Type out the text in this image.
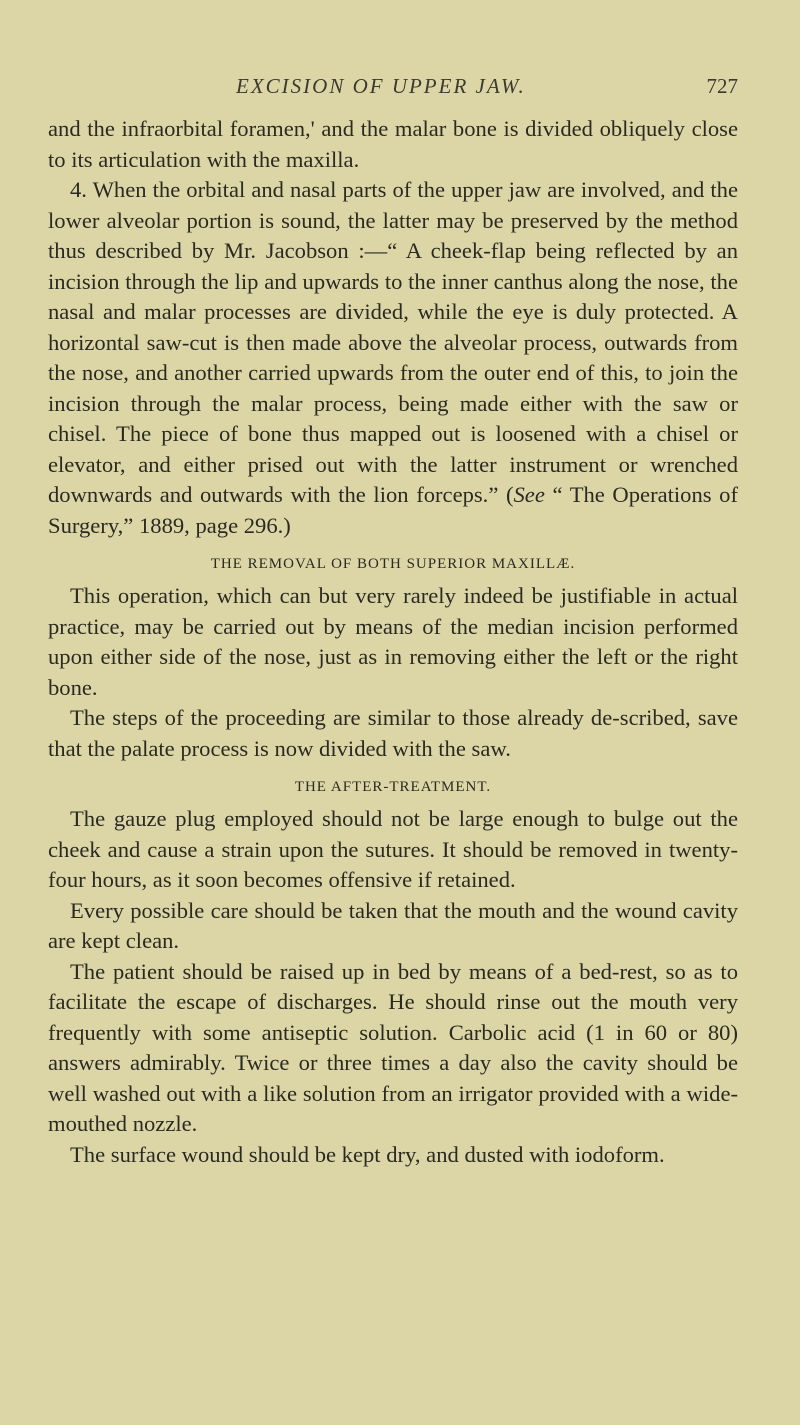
EXCISION OF UPPER JAW.	727

and the infraorbital foramen,' and the malar bone is divided obliquely close to its articulation with the maxilla.

4. When the orbital and nasal parts of the upper jaw are involved, and the lower alveolar portion is sound, the latter may be preserved by the method thus described by Mr. Jacobson :—“ A cheek-flap being reflected by an incision through the lip and upwards to the inner canthus along the nose, the nasal and malar processes are divided, while the eye is duly protected. A horizontal saw-cut is then made above the alveolar process, outwards from the nose, and another carried upwards from the outer end of this, to join the incision through the malar process, being made either with the saw or chisel. The piece of bone thus mapped out is loosened with a chisel or elevator, and either prised out with the latter instrument or wrenched downwards and outwards with the lion forceps.” (See “ The Operations of Surgery,” 1889, page 296.)

THE REMOVAL OF BOTH SUPERIOR MAXILLÆ.

This operation, which can but very rarely indeed be justifiable in actual practice, may be carried out by means of the median incision performed upon either side of the nose, just as in removing either the left or the right bone.

The steps of the proceeding are similar to those already de-scribed, save that the palate process is now divided with the saw.

THE AFTER-TREATMENT.

The gauze plug employed should not be large enough to bulge out the cheek and cause a strain upon the sutures. It should be removed in twenty-four hours, as it soon becomes offensive if retained.

Every possible care should be taken that the mouth and the wound cavity are kept clean.

The patient should be raised up in bed by means of a bed-rest, so as to facilitate the escape of discharges. He should rinse out the mouth very frequently with some antiseptic solution. Carbolic acid (1 in 60 or 80) answers admirably. Twice or three times a day also the cavity should be well washed out with a like solution from an irrigator provided with a wide-mouthed nozzle.

The surface wound should be kept dry, and dusted with iodoform.
